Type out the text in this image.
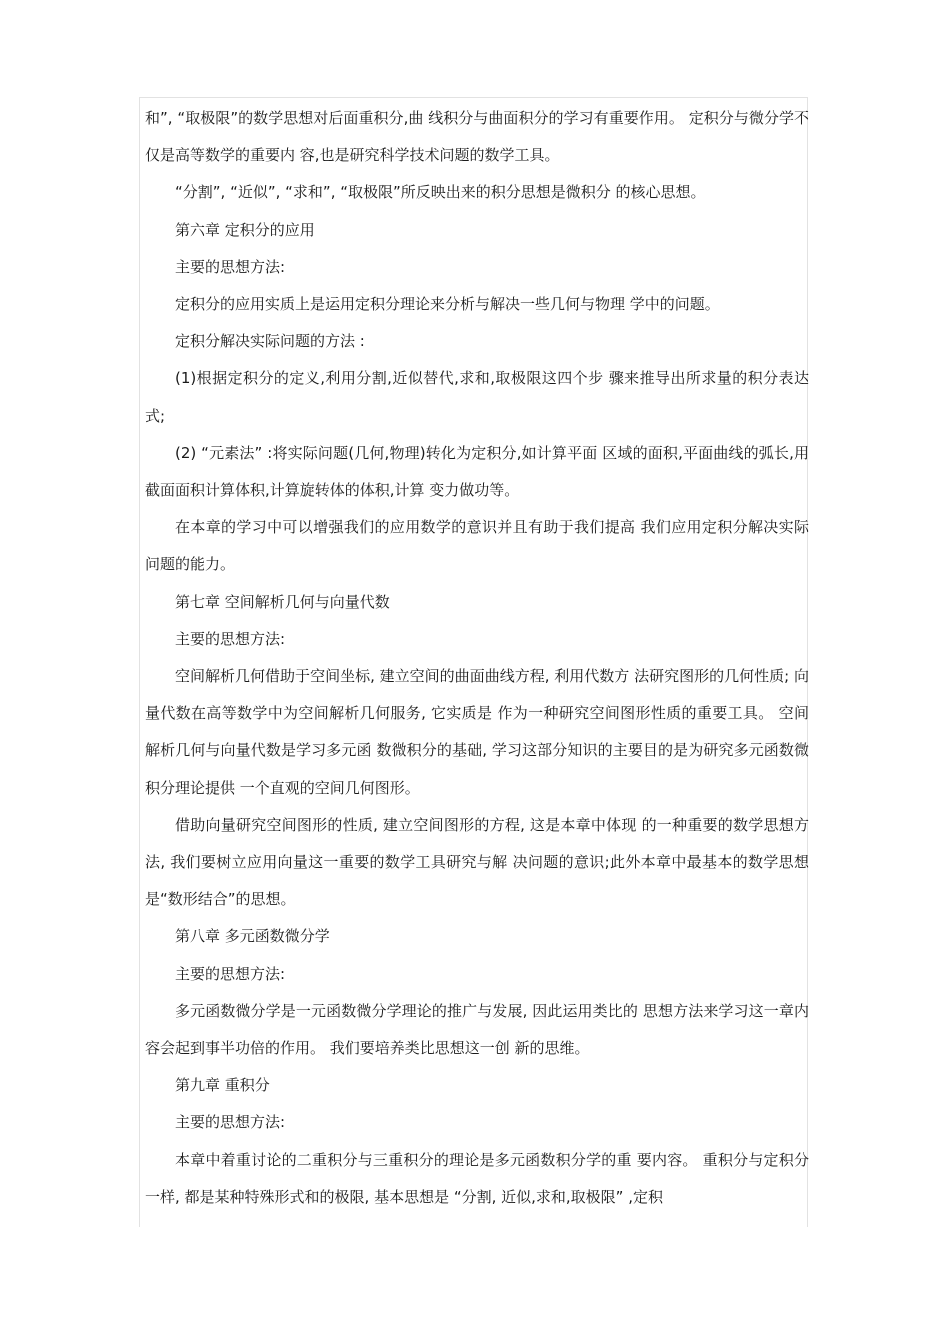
和”, “取极限”的数学思想对后面重积分,曲 线积分与曲面积分的学习有重要作用。 定积分与微分学不仅是高等数学的重要内 容,也是研究科学技术问题的数学工具。

“分割”, “近似”, “求和”, “取极限”所反映出来的积分思想是微积分 的核心思想。

第六章 定积分的应用

主要的思想方法:

定积分的应用实质上是运用定积分理论来分析与解决一些几何与物理 学中的问题。

定积分解决实际问题的方法 :

(1)根据定积分的定义,利用分割,近似替代,求和,取极限这四个步 骤来推导出所求量的积分表达式;

(2) “元素法” :将实际问题(几何,物理)转化为定积分,如计算平面 区域的面积,平面曲线的弧长,用截面面积计算体积,计算旋转体的体积,计算 变力做功等。

在本章的学习中可以增强我们的应用数学的意识并且有助于我们提高 我们应用定积分解决实际问题的能力。

第七章 空间解析几何与向量代数

主要的思想方法:

空间解析几何借助于空间坐标, 建立空间的曲面曲线方程, 利用代数方 法研究图形的几何性质; 向量代数在高等数学中为空间解析几何服务, 它实质是 作为一种研究空间图形性质的重要工具。 空间解析几何与向量代数是学习多元函 数微积分的基础, 学习这部分知识的主要目的是为研究多元函数微积分理论提供 一个直观的空间几何图形。

借助向量研究空间图形的性质, 建立空间图形的方程, 这是本章中体现 的一种重要的数学思想方法, 我们要树立应用向量这一重要的数学工具研究与解 决问题的意识;此外本章中最基本的数学思想是“数形结合”的思想。

第八章 多元函数微分学

主要的思想方法:

多元函数微分学是一元函数微分学理论的推广与发展, 因此运用类比的 思想方法来学习这一章内容会起到事半功倍的作用。 我们要培养类比思想这一创 新的思维。

第九章 重积分

主要的思想方法:

本章中着重讨论的二重积分与三重积分的理论是多元函数积分学的重 要内容。 重积分与定积分一样, 都是某种特殊形式和的极限, 基本思想是 “分割, 近似,求和,取极限” ,定积
